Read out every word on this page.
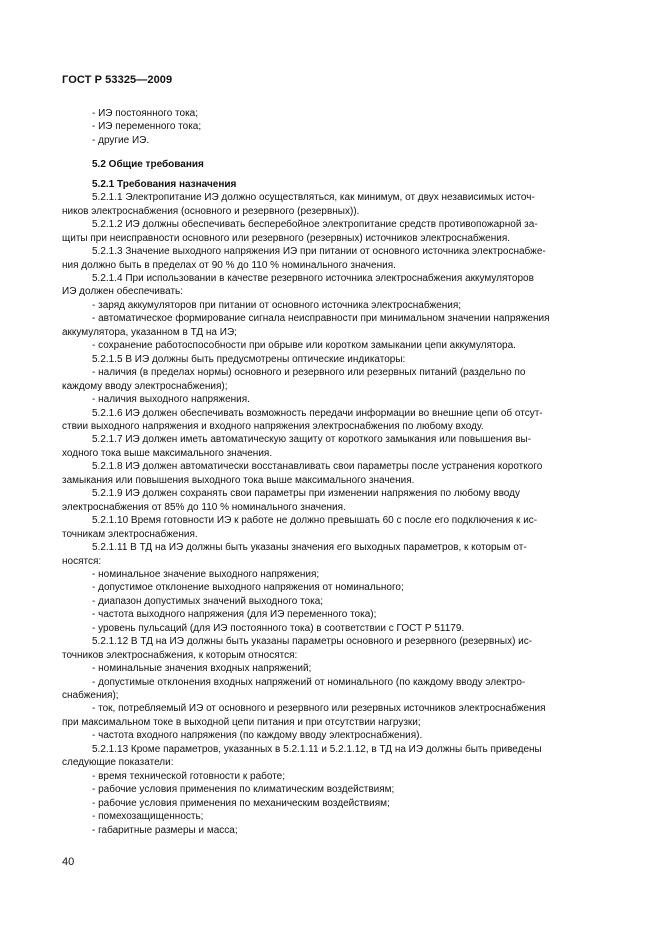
ГОСТ Р 53325—2009
- ИЭ постоянного тока;
- ИЭ переменного тока;
- другие ИЭ.
5.2 Общие требования
5.2.1 Требования назначения
5.2.1.1 Электропитание ИЭ должно осуществляться, как минимум, от двух независимых источ-
ников электроснабжения (основного и резервного (резервных)).
5.2.1.2 ИЭ должны обеспечивать бесперебойное электропитание средств противопожарной за-
щиты при неисправности основного или резервного (резервных) источников электроснабжения.
5.2.1.3 Значение выходного напряжения ИЭ при питании от основного источника электроснабже-
ния должно быть в пределах от 90 % до 110 % номинального значения.
5.2.1.4 При использовании в качестве резервного источника электроснабжения аккумуляторов
ИЭ должен обеспечивать:
- заряд аккумуляторов при питании от основного источника электроснабжения;
- автоматическое формирование сигнала неисправности при минимальном значении напряжения
аккумулятора, указанном в ТД на ИЭ;
- сохранение работоспособности при обрыве или коротком замыкании цепи аккумулятора.
5.2.1.5 В ИЭ должны быть предусмотрены оптические индикаторы:
- наличия (в пределах нормы) основного и резервного или резервных питаний (раздельно по
каждому вводу электроснабжения);
- наличия выходного напряжения.
5.2.1.6 ИЭ должен обеспечивать возможность передачи информации во внешние цепи об отсут-
ствии выходного напряжения и входного напряжения электроснабжения по любому входу.
5.2.1.7 ИЭ должен иметь автоматическую защиту от короткого замыкания или повышения вы-
ходного тока выше максимального значения.
5.2.1.8 ИЭ должен автоматически восстанавливать свои параметры после устранения короткого
замыкания или повышения выходного тока выше максимального значения.
5.2.1.9 ИЭ должен сохранять свои параметры при изменении напряжения по любому вводу
электроснабжения от 85% до 110 % номинального значения.
5.2.1.10 Время готовности ИЭ к работе не должно превышать 60 с после его подключения к ис-
точникам электроснабжения.
5.2.1.11 В ТД на ИЭ должны быть указаны значения его выходных параметров, к которым от-
носятся:
- номинальное значение выходного напряжения;
- допустимое отклонение выходного напряжения от номинального;
- диапазон допустимых значений выходного тока;
- частота выходного напряжения (для ИЭ переменного тока);
- уровень пульсаций (для ИЭ постоянного тока) в соответствии с ГОСТ Р 51179.
5.2.1.12 В ТД на ИЭ должны быть указаны параметры основного и резервного (резервных) ис-
точников электроснабжения, к которым относятся:
- номинальные значения входных напряжений;
- допустимые отклонения входных напряжений от номинального (по каждому вводу электро-
снабжения);
- ток, потребляемый ИЭ от основного и резервного или резервных источников электроснабжения
при максимальном токе в выходной цепи питания и при отсутствии нагрузки;
- частота входного напряжения (по каждому вводу электроснабжения).
5.2.1.13 Кроме параметров, указанных в 5.2.1.11 и 5.2.1.12, в ТД на ИЭ должны быть приведены
следующие показатели:
- время технической готовности к работе;
- рабочие условия применения по климатическим воздействиям;
- рабочие условия применения по механическим воздействиям;
- помехозащищенность;
- габаритные размеры и масса;
40
